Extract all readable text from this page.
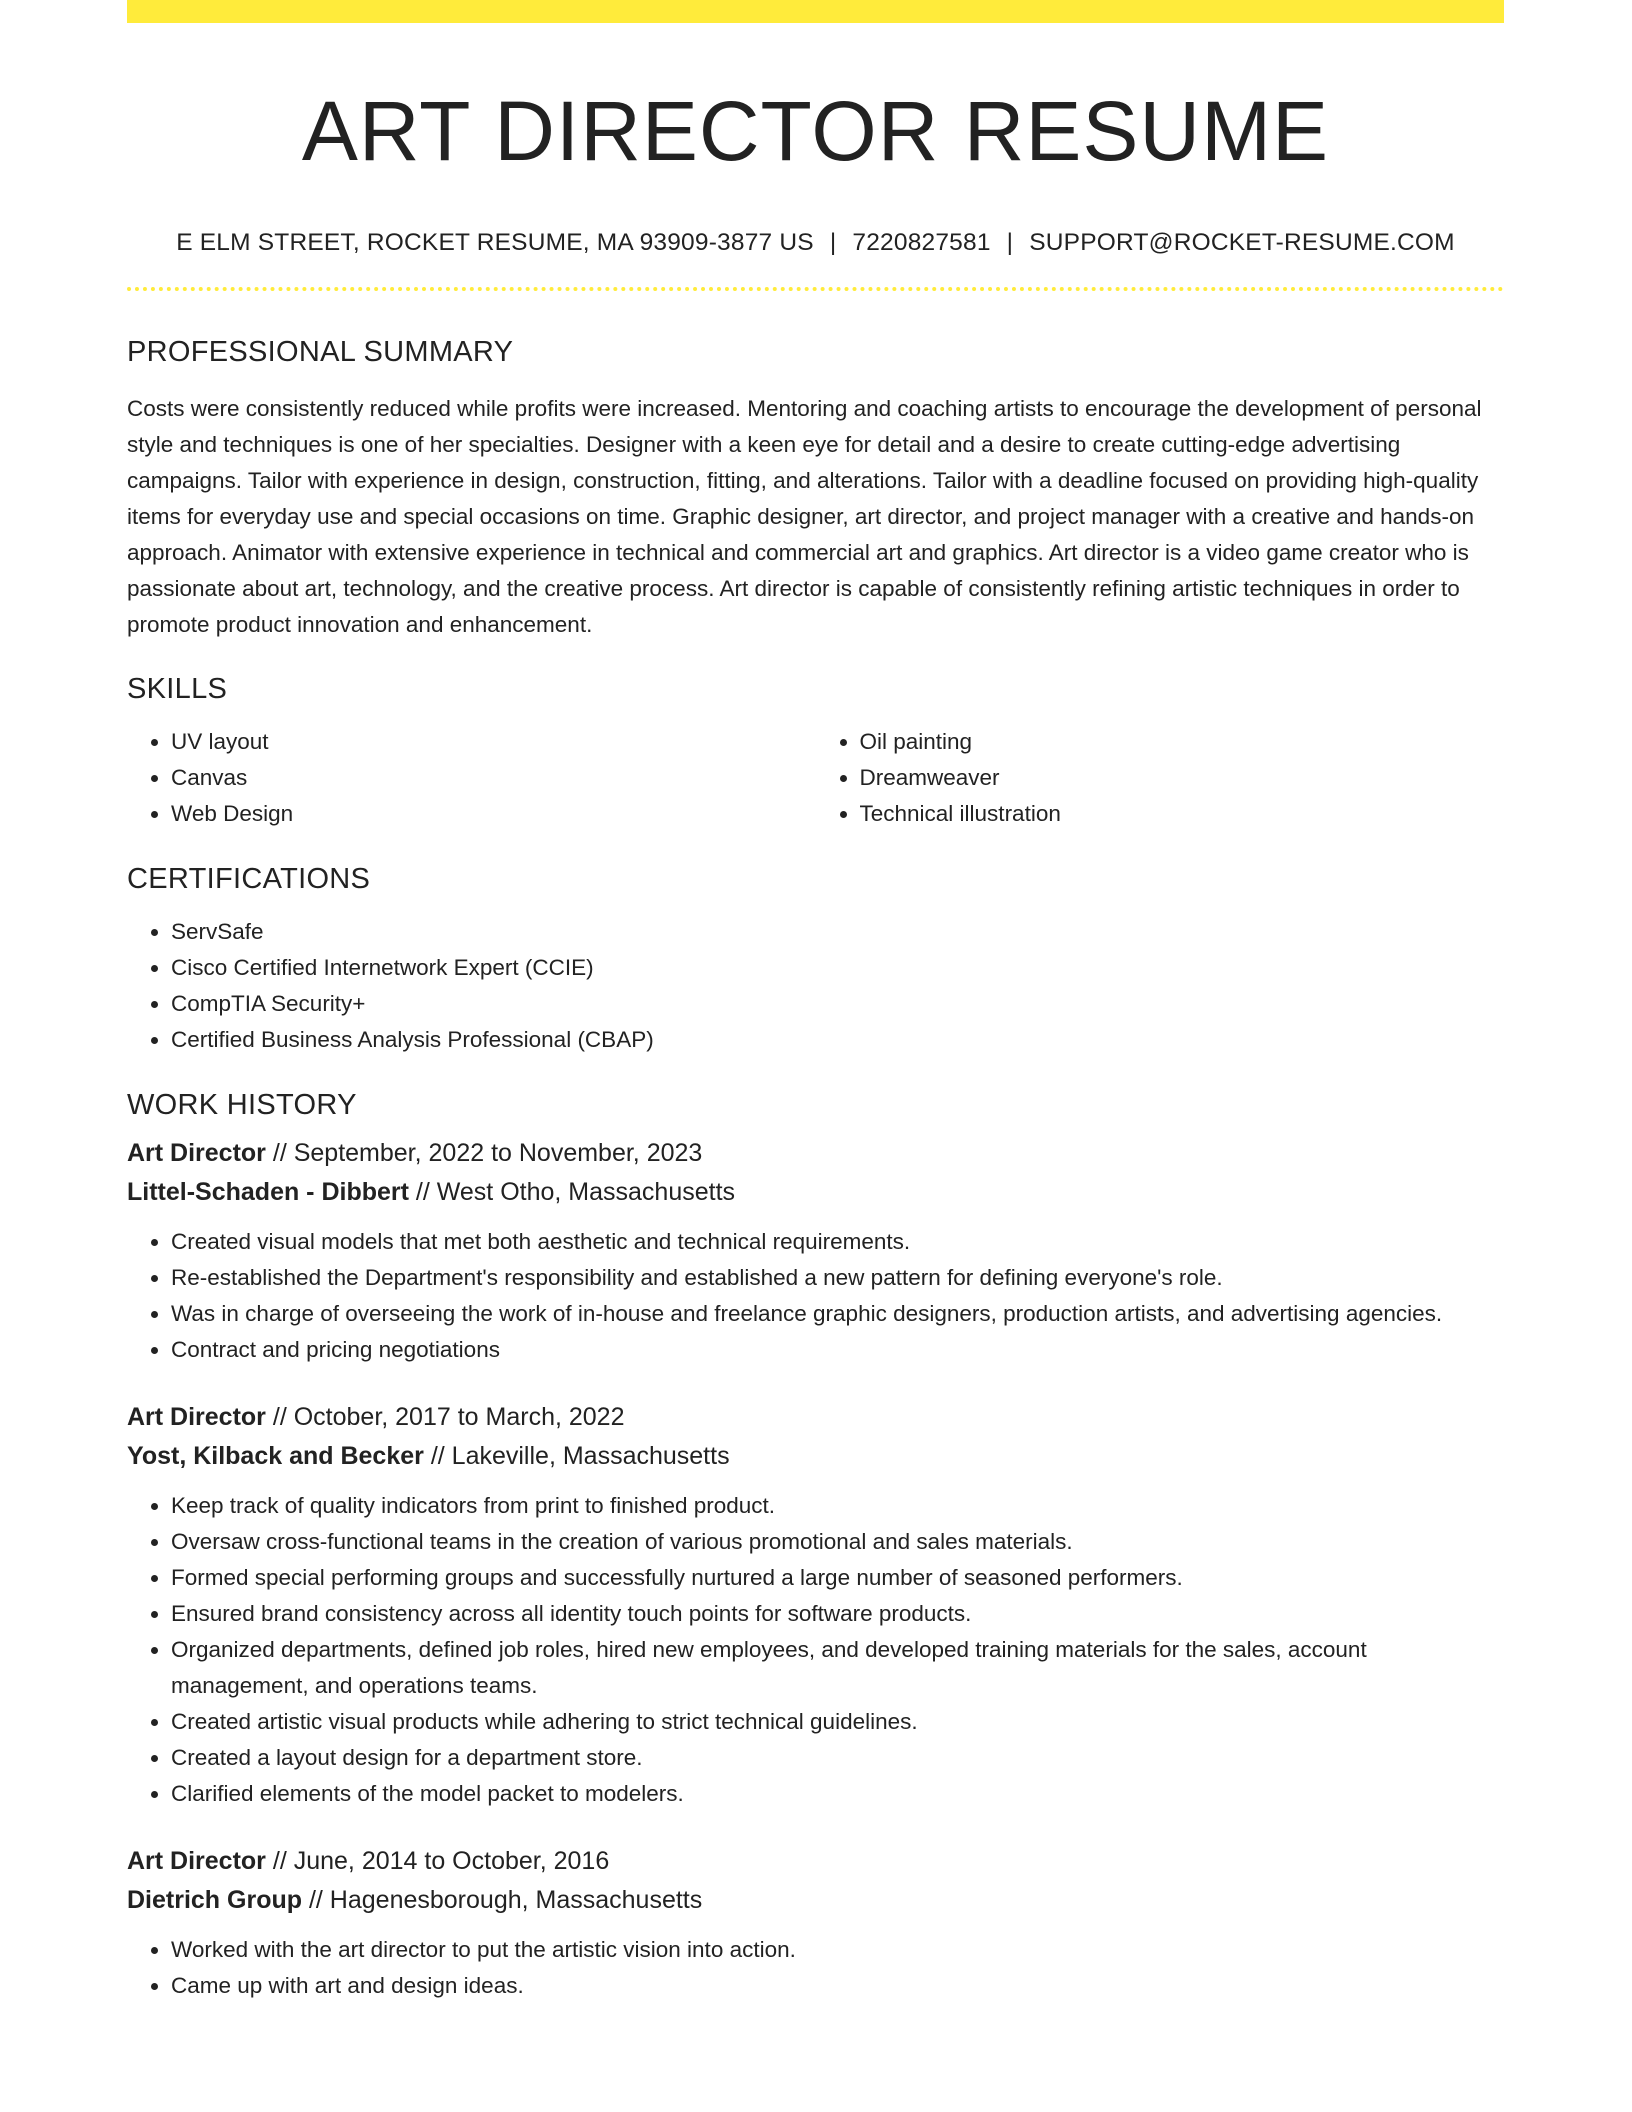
ART DIRECTOR RESUME
E ELM STREET, ROCKET RESUME, MA 93909-3877 US | 7220827581 | SUPPORT@ROCKET-RESUME.COM
PROFESSIONAL SUMMARY

Costs were consistently reduced while profits were increased. Mentoring and coaching artists to encourage the development of personal style and techniques is one of her specialties. Designer with a keen eye for detail and a desire to create cutting-edge advertising campaigns. Tailor with experience in design, construction, fitting, and alterations. Tailor with a deadline focused on providing high-quality items for everyday use and special occasions on time. Graphic designer, art director, and project manager with a creative and hands-on approach. Animator with extensive experience in technical and commercial art and graphics. Art director is a video game creator who is passionate about art, technology, and the creative process. Art director is capable of consistently refining artistic techniques in order to promote product innovation and enhancement.

SKILLS
• UV layout
• Canvas
• Web Design
• Oil painting
• Dreamweaver
• Technical illustration
CERTIFICATIONS
• ServSafe
• Cisco Certified Internetwork Expert (CCIE)
• CompTIA Security+
• Certified Business Analysis Professional (CBAP)
WORK HISTORY
Art Director // September, 2022 to November, 2023
Littel-Schaden - Dibbert // West Otho, Massachusetts
• Created visual models that met both aesthetic and technical requirements.
• Re-established the Department's responsibility and established a new pattern for defining everyone's role.
• Was in charge of overseeing the work of in-house and freelance graphic designers, production artists, and advertising agencies.
• Contract and pricing negotiations
Art Director // October, 2017 to March, 2022
Yost, Kilback and Becker // Lakeville, Massachusetts
• Keep track of quality indicators from print to finished product.
• Oversaw cross-functional teams in the creation of various promotional and sales materials.
• Formed special performing groups and successfully nurtured a large number of seasoned performers.
• Ensured brand consistency across all identity touch points for software products.
• Organized departments, defined job roles, hired new employees, and developed training materials for the sales, account management, and operations teams.
• Created artistic visual products while adhering to strict technical guidelines.
• Created a layout design for a department store.
• Clarified elements of the model packet to modelers.
Art Director // June, 2014 to October, 2016
Dietrich Group // Hagenesborough, Massachusetts
• Worked with the art director to put the artistic vision into action.
• Came up with art and design ideas.
